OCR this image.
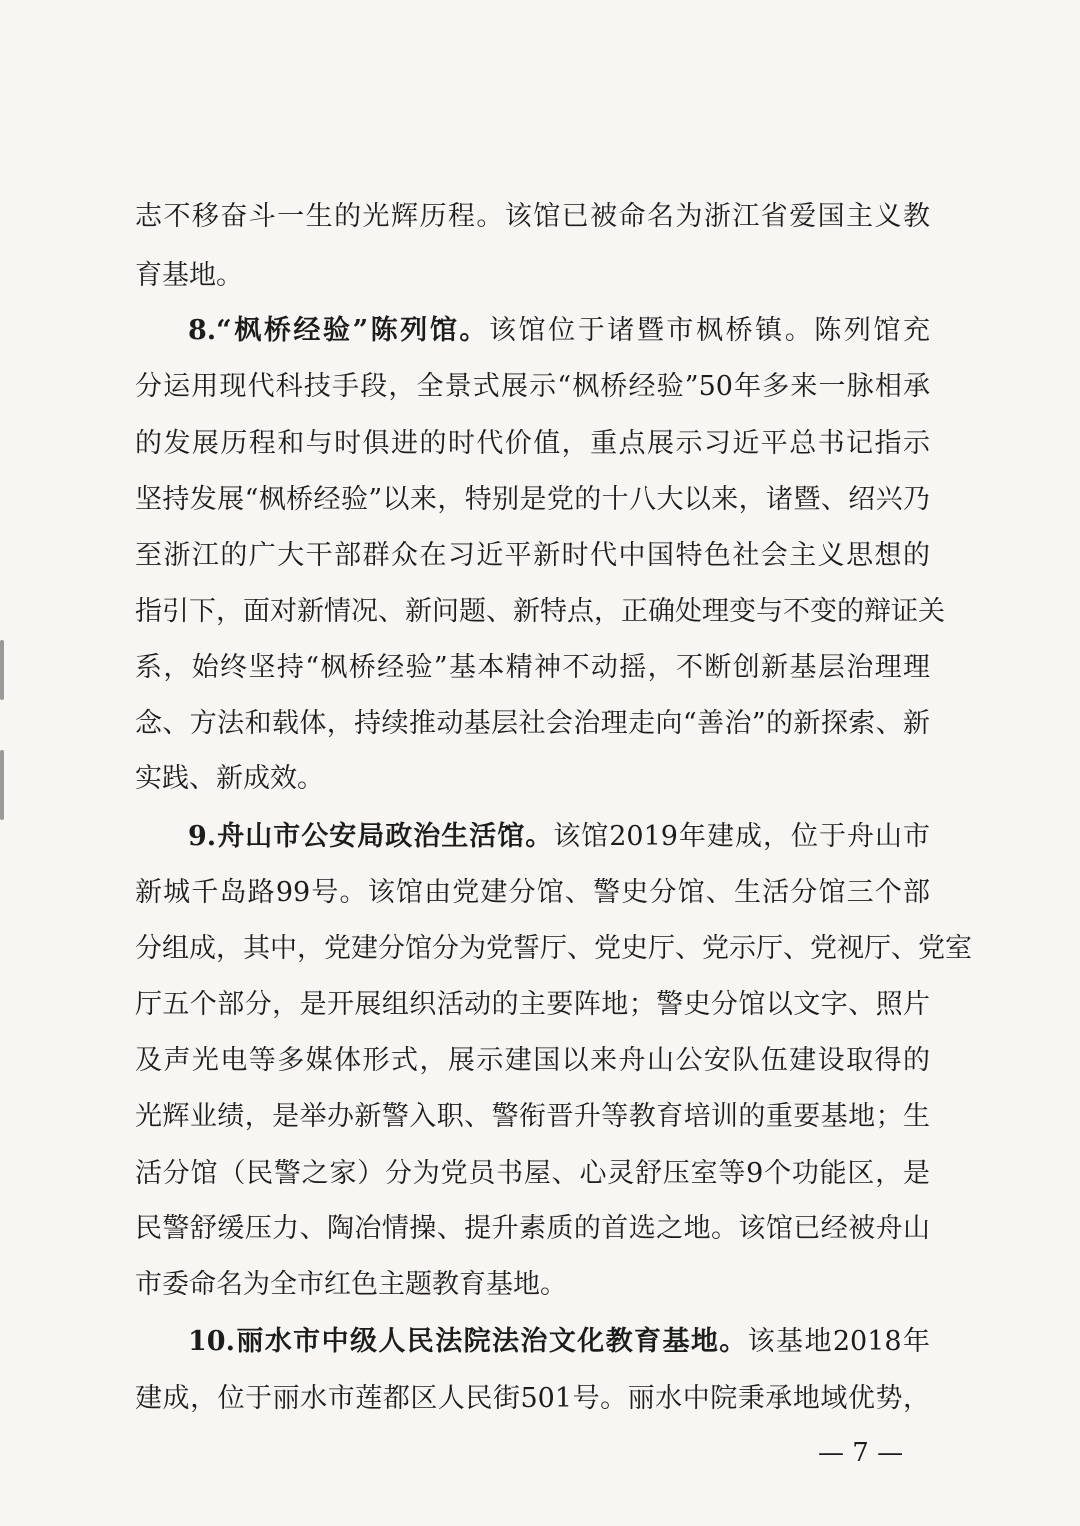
志不移奋斗一生的光辉历程。该馆已被命名为浙江省爱国主义教
育基地。
8.“枫桥经验”陈列馆。该馆位于诸暨市枫桥镇。陈列馆充
分运用现代科技手段，全景式展示“枫桥经验”50年多来一脉相承
的发展历程和与时俱进的时代价值，重点展示习近平总书记指示
坚持发展“枫桥经验”以来，特别是党的十八大以来，诸暨、绍兴乃
至浙江的广大干部群众在习近平新时代中国特色社会主义思想的
指引下，面对新情况、新问题、新特点，正确处理变与不变的辩证关
系，始终坚持“枫桥经验”基本精神不动摇，不断创新基层治理理
念、方法和载体，持续推动基层社会治理走向“善治”的新探索、新
实践、新成效。
9.舟山市公安局政治生活馆。该馆2019年建成，位于舟山市
新城千岛路99号。该馆由党建分馆、警史分馆、生活分馆三个部
分组成，其中，党建分馆分为党誓厅、党史厅、党示厅、党视厅、党室
厅五个部分，是开展组织活动的主要阵地；警史分馆以文字、照片
及声光电等多媒体形式，展示建国以来舟山公安队伍建设取得的
光辉业绩，是举办新警入职、警衔晋升等教育培训的重要基地；生
活分馆（民警之家）分为党员书屋、心灵舒压室等9个功能区，是
民警舒缓压力、陶冶情操、提升素质的首选之地。该馆已经被舟山
市委命名为全市红色主题教育基地。
10.丽水市中级人民法院法治文化教育基地。该基地2018年
建成，位于丽水市莲都区人民街501号。丽水中院秉承地域优势，
— 7 —
